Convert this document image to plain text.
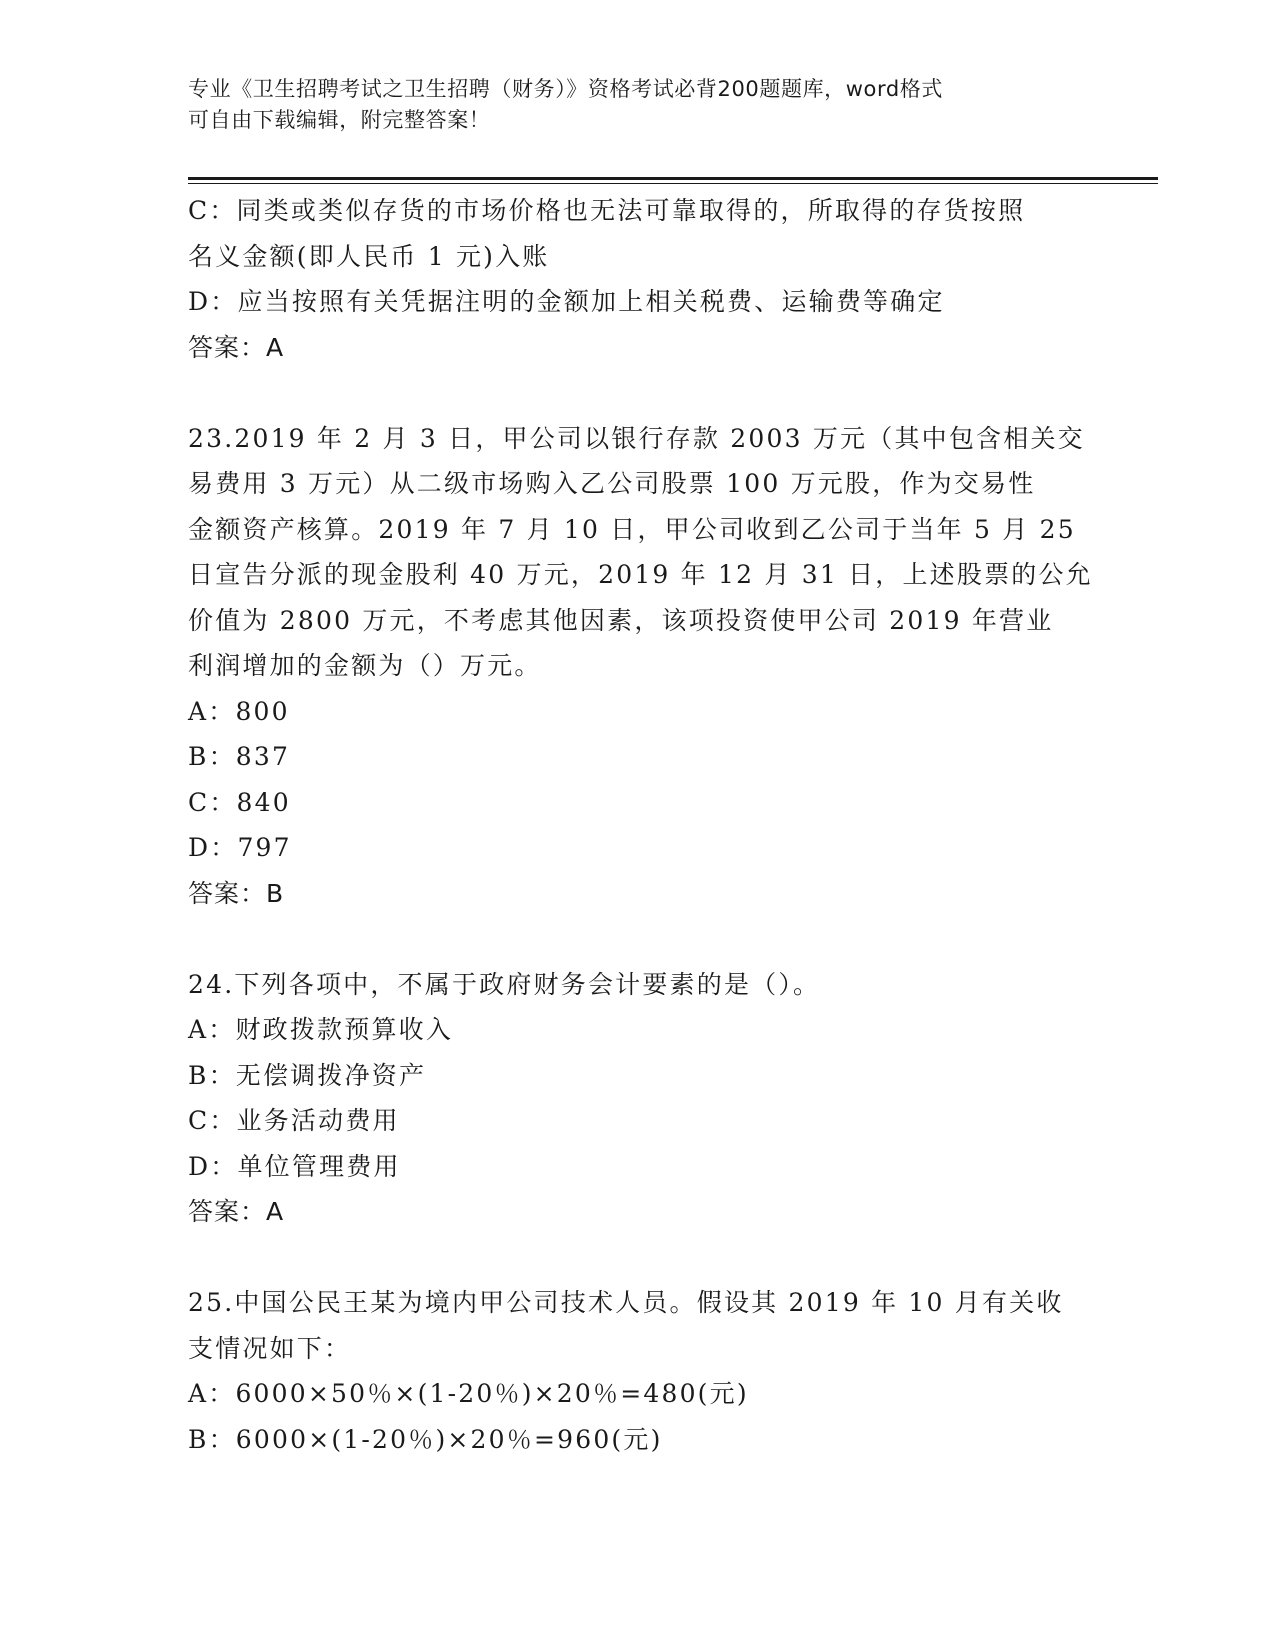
专业《卫生招聘考试之卫生招聘（财务）》资格考试必背200题题库，word格式
可自由下载编辑，附完整答案！

C：同类或类似存货的市场价格也无法可靠取得的，所取得的存货按照

名义金额(即人民币 1 元)入账

D：应当按照有关凭据注明的金额加上相关税费、运输费等确定

答案：A

23.2019 年 2 月 3 日，甲公司以银行存款 2003 万元（其中包含相关交

易费用 3 万元）从二级市场购入乙公司股票 100 万元股，作为交易性

金额资产核算。2019 年 7 月 10 日，甲公司收到乙公司于当年 5 月 25

日宣告分派的现金股利 40 万元，2019 年 12 月 31 日，上述股票的公允

价值为 2800 万元，不考虑其他因素，该项投资使甲公司 2019 年营业

利润增加的金额为（）万元。

A：800

B：837

C：840

D：797

答案：B

24.下列各项中，不属于政府财务会计要素的是（）。

A：财政拨款预算收入

B：无偿调拨净资产

C：业务活动费用

D：单位管理费用

答案：A

25.中国公民王某为境内甲公司技术人员。假设其 2019 年 10 月有关收

支情况如下：

A：6000×50％×(1-20％)×20％=480(元)

B：6000×(1-20％)×20％=960(元)
